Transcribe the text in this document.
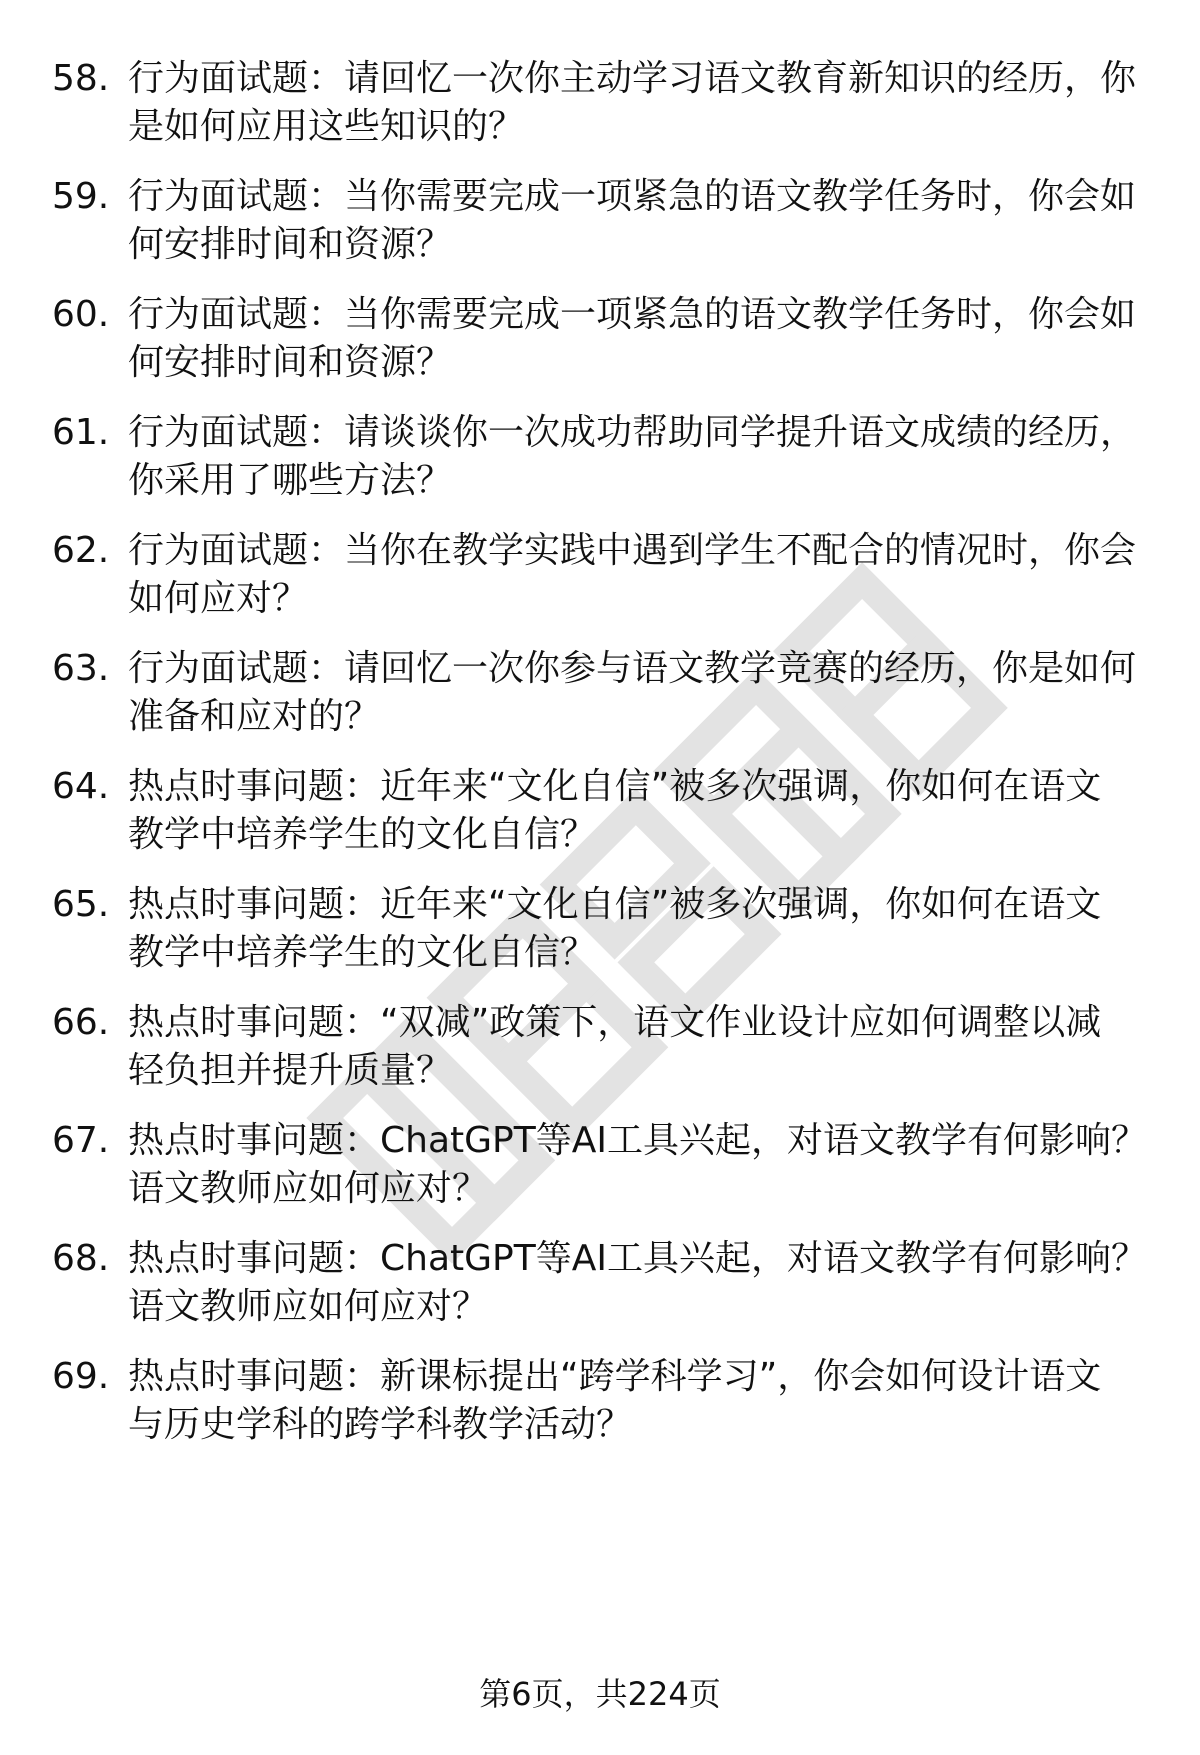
58. 行为面试题：请回忆一次你主动学习语文教育新知识的经历，你
是如何应用这些知识的？
59. 行为面试题：当你需要完成一项紧急的语文教学任务时，你会如
何安排时间和资源？
60. 行为面试题：当你需要完成一项紧急的语文教学任务时，你会如
何安排时间和资源？
61. 行为面试题：请谈谈你一次成功帮助同学提升语文成绩的经历，
你采用了哪些方法？
62. 行为面试题：当你在教学实践中遇到学生不配合的情况时，你会
如何应对？
63. 行为面试题：请回忆一次你参与语文教学竞赛的经历，你是如何
准备和应对的？
64. 热点时事问题：近年来“文化自信”被多次强调，你如何在语文
教学中培养学生的文化自信？
65. 热点时事问题：近年来“文化自信”被多次强调，你如何在语文
教学中培养学生的文化自信？
66. 热点时事问题：“双减”政策下，语文作业设计应如何调整以减
轻负担并提升质量？
67. 热点时事问题：ChatGPT等AI工具兴起，对语文教学有何影响？
语文教师应如何应对？
68. 热点时事问题：ChatGPT等AI工具兴起，对语文教学有何影响？
语文教师应如何应对？
69. 热点时事问题：新课标提出“跨学科学习”，你会如何设计语文
与历史学科的跨学科教学活动？
第6页，共224页
